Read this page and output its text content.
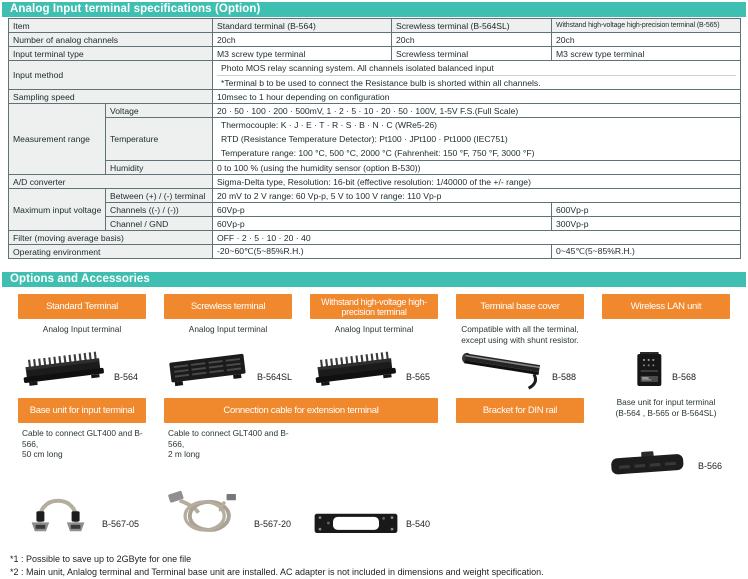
Analog Input terminal specifications (Option)
Item		Standard terminal (B-564)	Screwless terminal (B-564SL)	Withstand high-voltage high-precision terminal (B-565)
Number of analog channels		20ch	20ch	20ch
Input terminal type		M3 screw type terminal	Screwless terminal	M3 screw type terminal
Input method		Photo MOS relay scanning system. All channels isolated balanced input
*Terminal b to be used to connect the Resistance bulb is shorted within all channels.		

Sampling speed		10msec to 1 hour depending on configuration		
Measurement range	Voltage	20 · 50 · 100 · 200 · 500mV, 1 · 2 · 5 · 10 · 20 · 50 · 100V, 1-5V F.S.(Full Scale)		
	Temperature	Thermocouple: K · J · E · T · R · S · B · N · C (WRe5-26)
RTD (Resistance Temperature Detector): Pt100 · JPt100 · Pt1000 (IEC751)
Temperature range: 100 °C, 500 °C, 2000 °C (Fahrenheit: 150 °F, 750 °F, 3000 °F)		

	Humidity	0 to 100 % (using the humidity sensor (option B-530))		
A/D converter		Sigma-Delta type, Resolution: 16-bit (effective resolution: 1/40000 of the +/- range)		
Maximum input voltage	Between (+) / (-) terminal	20 mV to 2 V range: 60 Vp-p, 5 V to 100 V range: 110 Vp-p		
	Channels ((-) / (-))	60Vp-p		600Vp-p
	Channel / GND	60Vp-p		300Vp-p
Filter (moving average basis)		OFF · 2 · 5 · 10 · 20 · 40		
Operating environment		-20~60℃(5~85%R.H.)		0~45℃(5~85%R.H.)
Options and Accessories
Standard Terminal	Screwless terminal	Withstand high-voltage high-precision terminal	Terminal base cover	Wireless LAN unit
Analog Input terminal	Analog Input terminal	Analog Input terminal	Compatible with all the terminal,
except using with shunt resistor.
B-564	B-564SL	B-565	B-588	B-568
Base unit for input terminal	Connection cable for extension terminal	Bracket for DIN rail
Base unit for input terminal
(B-564 , B-565 or B-564SL)
Cable to connect GLT400 and B-566,
50 cm long
Cable to connect GLT400 and B-566,
2 m long
B-566
B-567-05	B-567-20	B-540
*1 : Possible to save up to 2GByte for one file
*2 : Main unit, Anlalog terminal and Terminal base unit are installed. AC adapter is not included in dimensions and weight specification.
